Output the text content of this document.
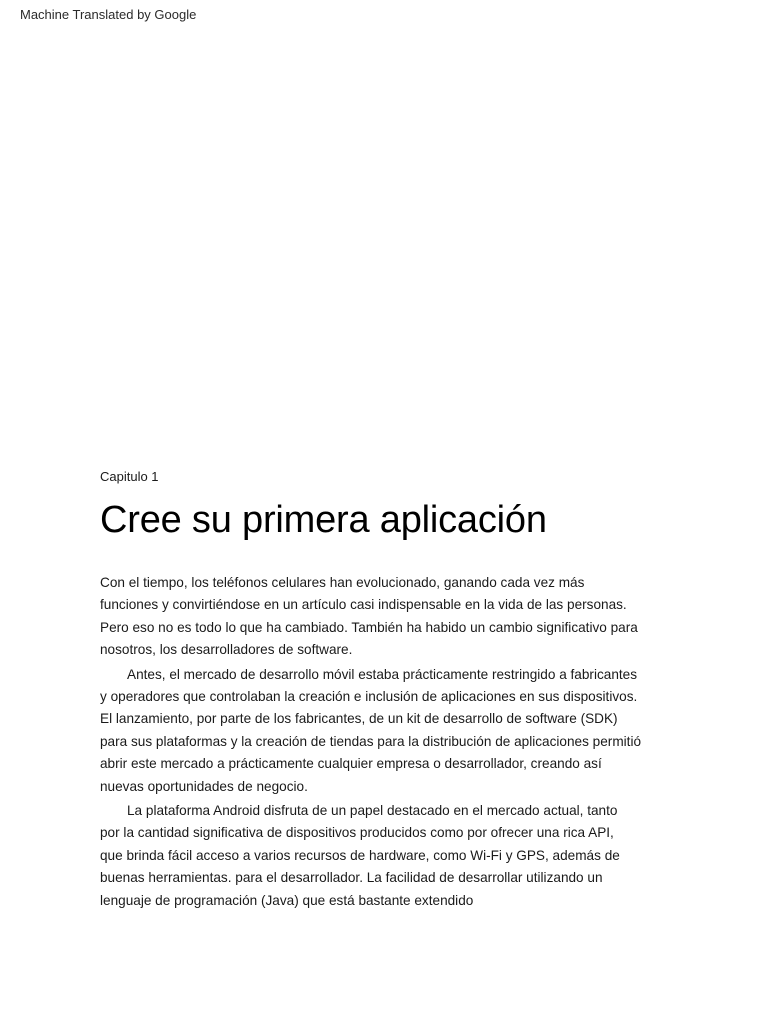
Machine Translated by Google
Capitulo 1
Cree su primera aplicación

Con el tiempo, los teléfonos celulares han evolucionado, ganando cada vez más
funciones y convirtiéndose en un artículo casi indispensable en la vida de las personas.
Pero eso no es todo lo que ha cambiado. También ha habido un cambio significativo para
nosotros, los desarrolladores de software.

Antes, el mercado de desarrollo móvil estaba prácticamente restringido a fabricantes
y operadores que controlaban la creación e inclusión de aplicaciones en sus dispositivos.
El lanzamiento, por parte de los fabricantes, de un kit de desarrollo de software (SDK)
para sus plataformas y la creación de tiendas para la distribución de aplicaciones permitió
abrir este mercado a prácticamente cualquier empresa o desarrollador, creando así
nuevas oportunidades de negocio.

La plataforma Android disfruta de un papel destacado en el mercado actual, tanto
por la cantidad significativa de dispositivos producidos como por ofrecer una rica API,
que brinda fácil acceso a varios recursos de hardware, como Wi-Fi y GPS, además de
buenas herramientas. para el desarrollador. La facilidad de desarrollar utilizando un
lenguaje de programación (Java) que está bastante extendido
